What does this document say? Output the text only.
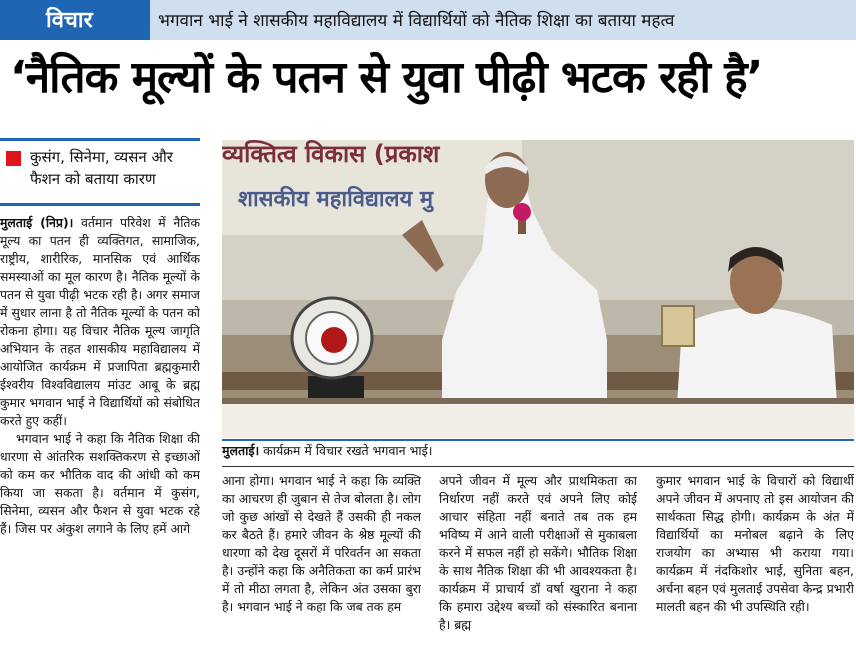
विचार	भगवान भाई ने शासकीय महाविद्यालय में विद्यार्थियों को नैतिक शिक्षा का बताया महत्व
‘नैतिक मूल्यों के पतन से युवा पीढ़ी भटक रही है’
कुसंग, सिनेमा, व्यसन और फैशन को बताया कारण

मुलताई (निप्र)। वर्तमान परिवेश में नैतिक मूल्य का पतन ही व्यक्तिगत, सामाजिक, राष्ट्रीय, शारीरिक, मानसिक एवं आर्थिक समस्याओं का मूल कारण है। नैतिक मूल्यों के पतन से युवा पीढ़ी भटक रही है। अगर समाज में सुधार लाना है तो नैतिक मूल्यों के पतन को रोकना होगा। यह विचार नैतिक मूल्य जागृति अभियान के तहत शासकीय महाविद्यालय में आयोजित कार्यक्रम में प्रजापिता ब्रह्मकुमारी ईश्वरीय विश्वविद्यालय मांउट आबू के ब्रह्म कुमार भगवान भाई ने विद्यार्थियों को संबोधित करते हुए कहीं।

भगवान भाई ने कहा कि नैतिक शिक्षा की धारणा से आंतरिक सशक्तिकरण से इच्छाओं को कम कर भौतिक वाद की आंधी को कम किया जा सकता है। वर्तमान में कुसंग, सिनेमा, व्यसन और फैशन से युवा भटक रहे हैं। जिस पर अंकुश लगाने के लिए हमें आगे

व्यक्तित्व विकास (प्रकाश
शासकीय महाविद्यालय मु
मुलताई। कार्यक्रम में विचार रखते भगवान भाई।
आना होगा। भगवान भाई ने कहा कि व्यक्ति का आचरण ही जुबान से तेज बोलता है। लोग जो कुछ आंखों से देखते हैं उसकी ही नकल कर बैठते हैं। हमारे जीवन के श्रेष्ठ मूल्यों की धारणा को देख दूसरों में परिवर्तन आ सकता है। उन्होंने कहा कि अनैतिकता का कर्म प्रारंभ में तो मीठा लगता है, लेकिन अंत उसका बुरा है। भगवान भाई ने कहा कि जब तक हम
अपने जीवन में मूल्य और प्राथमिकता का निर्धारण नहीं करते एवं अपने लिए कोई आचार संहिता नहीं बनाते तब तक हम भविष्य में आने वाली परीक्षाओं से मुकाबला करने में सफल नहीं हो सकेंगे। भौतिक शिक्षा के साथ नैतिक शिक्षा की भी आवश्यकता है। कार्यक्रम में प्राचार्य डॉ वर्षा खुराना ने कहा कि हमारा उद्देश्य बच्चों को संस्कारित बनाना है। ब्रह्म
कुमार भगवान भाई के विचारों को विद्यार्थी अपने जीवन में अपनाए तो इस आयोजन की सार्थकता सिद्ध होगी। कार्यक्रम के अंत में विद्यार्थियों का मनोबल बढ़ाने के लिए राजयोग का अभ्यास भी कराया गया। कार्यक्रम में नंदकिशोर भाई, सुनिता बहन, अर्चना बहन एवं मुलताई उपसेवा केन्द्र प्रभारी मालती बहन की भी उपस्थिति रही।
